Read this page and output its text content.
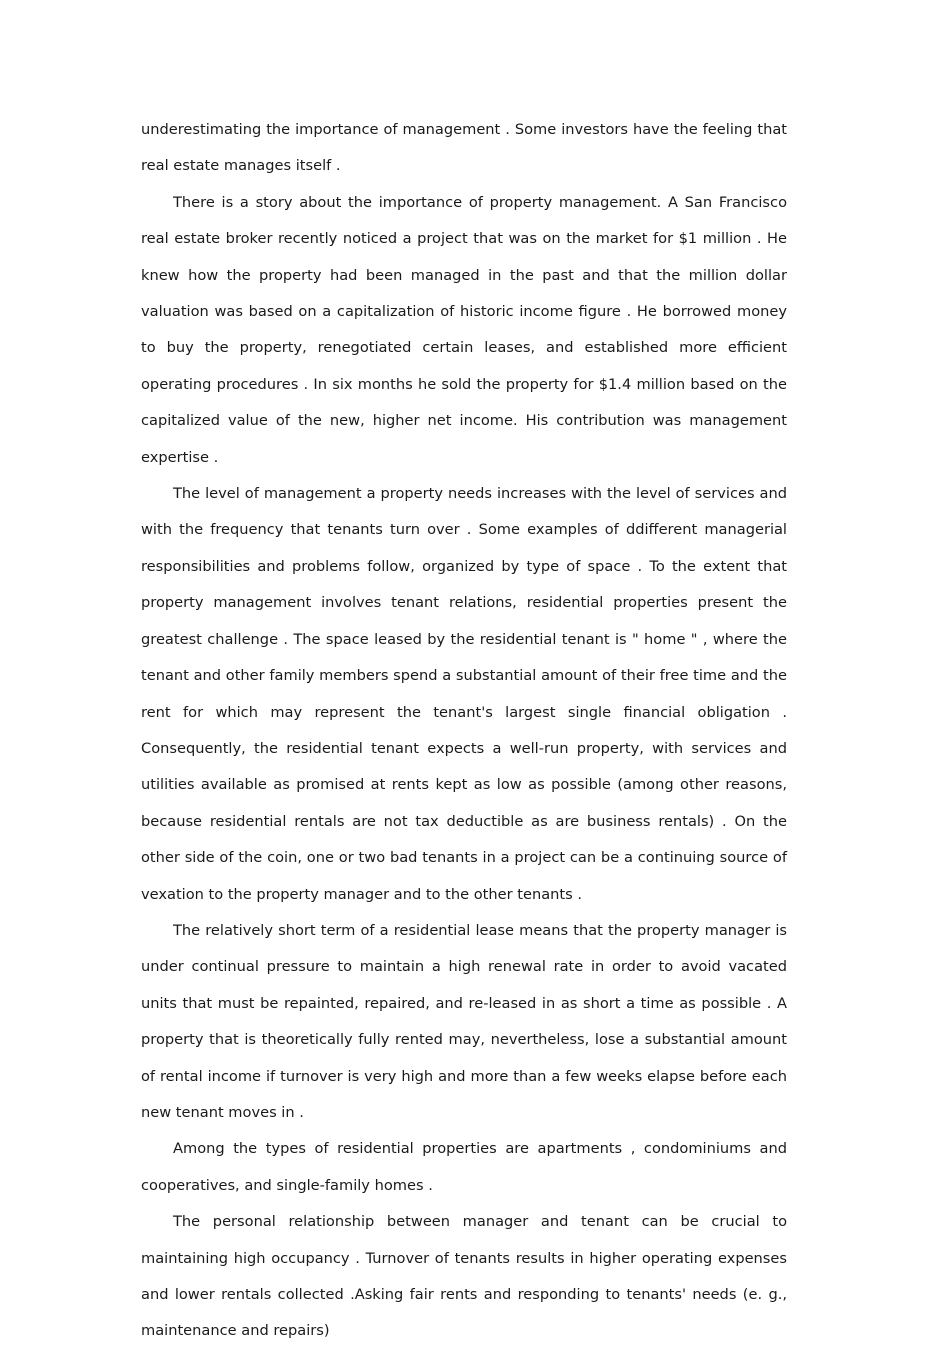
underestimating the importance of management . Some investors have the feeling that real estate manages itself .

There is a story about the importance of property management. A San Francisco real estate broker recently noticed a project that was on the market for $1 million . He knew how the property had been managed in the past and that the million dollar valuation was based on a capitalization of historic income figure . He borrowed money to buy the property, renegotiated certain leases, and established more efficient operating procedures . In six months he sold the property for $1.4 million based on the capitalized value of the new, higher net income. His contribution was management expertise .

The level of management a property needs increases with the level of services and with the frequency that tenants turn over . Some examples of ddifferent managerial responsibilities and problems follow, organized by type of space . To the extent that property management involves tenant relations, residential properties present the greatest challenge . The space leased by the residential tenant is " home " , where the tenant and other family members spend a substantial amount of their free time and the rent for which may represent the tenant's largest single financial obligation . Consequently, the residential tenant expects a well-run property, with services and utilities available as promised at rents kept as low as possible (among other reasons, because residential rentals are not tax deductible as are business rentals) . On the other side of the coin, one or two bad tenants in a project can be a continuing source of vexation to the property manager and to the other tenants .

The relatively short term of a residential lease means that the property manager is under continual pressure to maintain a high renewal rate in order to avoid vacated units that must be repainted, repaired, and re-leased in as short a time as possible . A property that is theoretically fully rented may, nevertheless, lose a substantial amount of rental income if turnover is very high and more than a few weeks elapse before each new tenant moves in .

Among the types of residential properties are apartments , condominiums and cooperatives, and single-family homes .

The personal relationship between manager and tenant can be crucial to maintaining high occupancy . Turnover of tenants results in higher operating expenses and lower rentals collected .Asking fair rents and responding to tenants' needs (e. g., maintenance and repairs)
